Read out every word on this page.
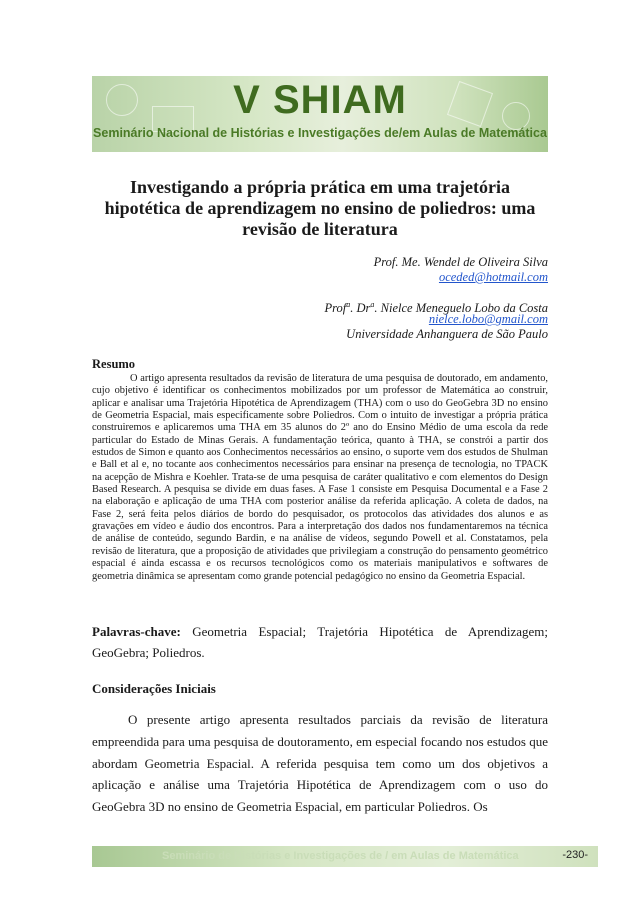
V SHIAM
Seminário Nacional de Histórias e Investigações de/em Aulas de Matemática
Investigando a própria prática em uma trajetória hipotética de aprendizagem no ensino de poliedros: uma revisão de literatura
Prof. Me. Wendel de Oliveira Silva
oceded@hotmail.com
Prof$^a$. Dr$^a$. Nielce Meneguelo Lobo da Costa
nielce.lobo@gmail.com
Universidade Anhanguera de São Paulo
Resumo

O artigo apresenta resultados da revisão de literatura de uma pesquisa de doutorado, em andamento, cujo objetivo é identificar os conhecimentos mobilizados por um professor de Matemática ao construir, aplicar e analisar uma Trajetória Hipotética de Aprendizagem (THA) com o uso do GeoGebra 3D no ensino de Geometria Espacial, mais especificamente sobre Poliedros. Com o intuito de investigar a própria prática construiremos e aplicaremos uma THA em 35 alunos do 2º ano do Ensino Médio de uma escola da rede particular do Estado de Minas Gerais. A fundamentação teórica, quanto à THA, se constrói a partir dos estudos de Simon e quanto aos Conhecimentos necessários ao ensino, o suporte vem dos estudos de Shulman e Ball et al e, no tocante aos conhecimentos necessários para ensinar na presença de tecnologia, no TPACK na acepção de Mishra e Koehler. Trata-se de uma pesquisa de caráter qualitativo e com elementos do Design Based Research. A pesquisa se divide em duas fases. A Fase 1 consiste em Pesquisa Documental e a Fase 2 na elaboração e aplicação de uma THA com posterior análise da referida aplicação. A coleta de dados, na Fase 2, será feita pelos diários de bordo do pesquisador, os protocolos das atividades dos alunos e as gravações em vídeo e áudio dos encontros. Para a interpretação dos dados nos fundamentaremos na técnica de análise de conteúdo, segundo Bardin, e na análise de vídeos, segundo Powell et al. Constatamos, pela revisão de literatura, que a proposição de atividades que privilegiam a construção do pensamento geométrico espacial é ainda escassa e os recursos tecnológicos como os materiais manipulativos e softwares de geometria dinâmica se apresentam como grande potencial pedagógico no ensino da Geometria Espacial.

Palavras-chave: Geometria Espacial; Trajetória Hipotética de Aprendizagem; GeoGebra; Poliedros.

Considerações Iniciais

O presente artigo apresenta resultados parciais da revisão de literatura empreendida para uma pesquisa de doutoramento, em especial focando nos estudos que abordam Geometria Espacial. A referida pesquisa tem como um dos objetivos a aplicação e análise uma Trajetória Hipotética de Aprendizagem com o uso do GeoGebra 3D no ensino de Geometria Espacial, em particular Poliedros. Os

Seminário de Histórias e Investigações de / em Aulas de Matemática	-230-
